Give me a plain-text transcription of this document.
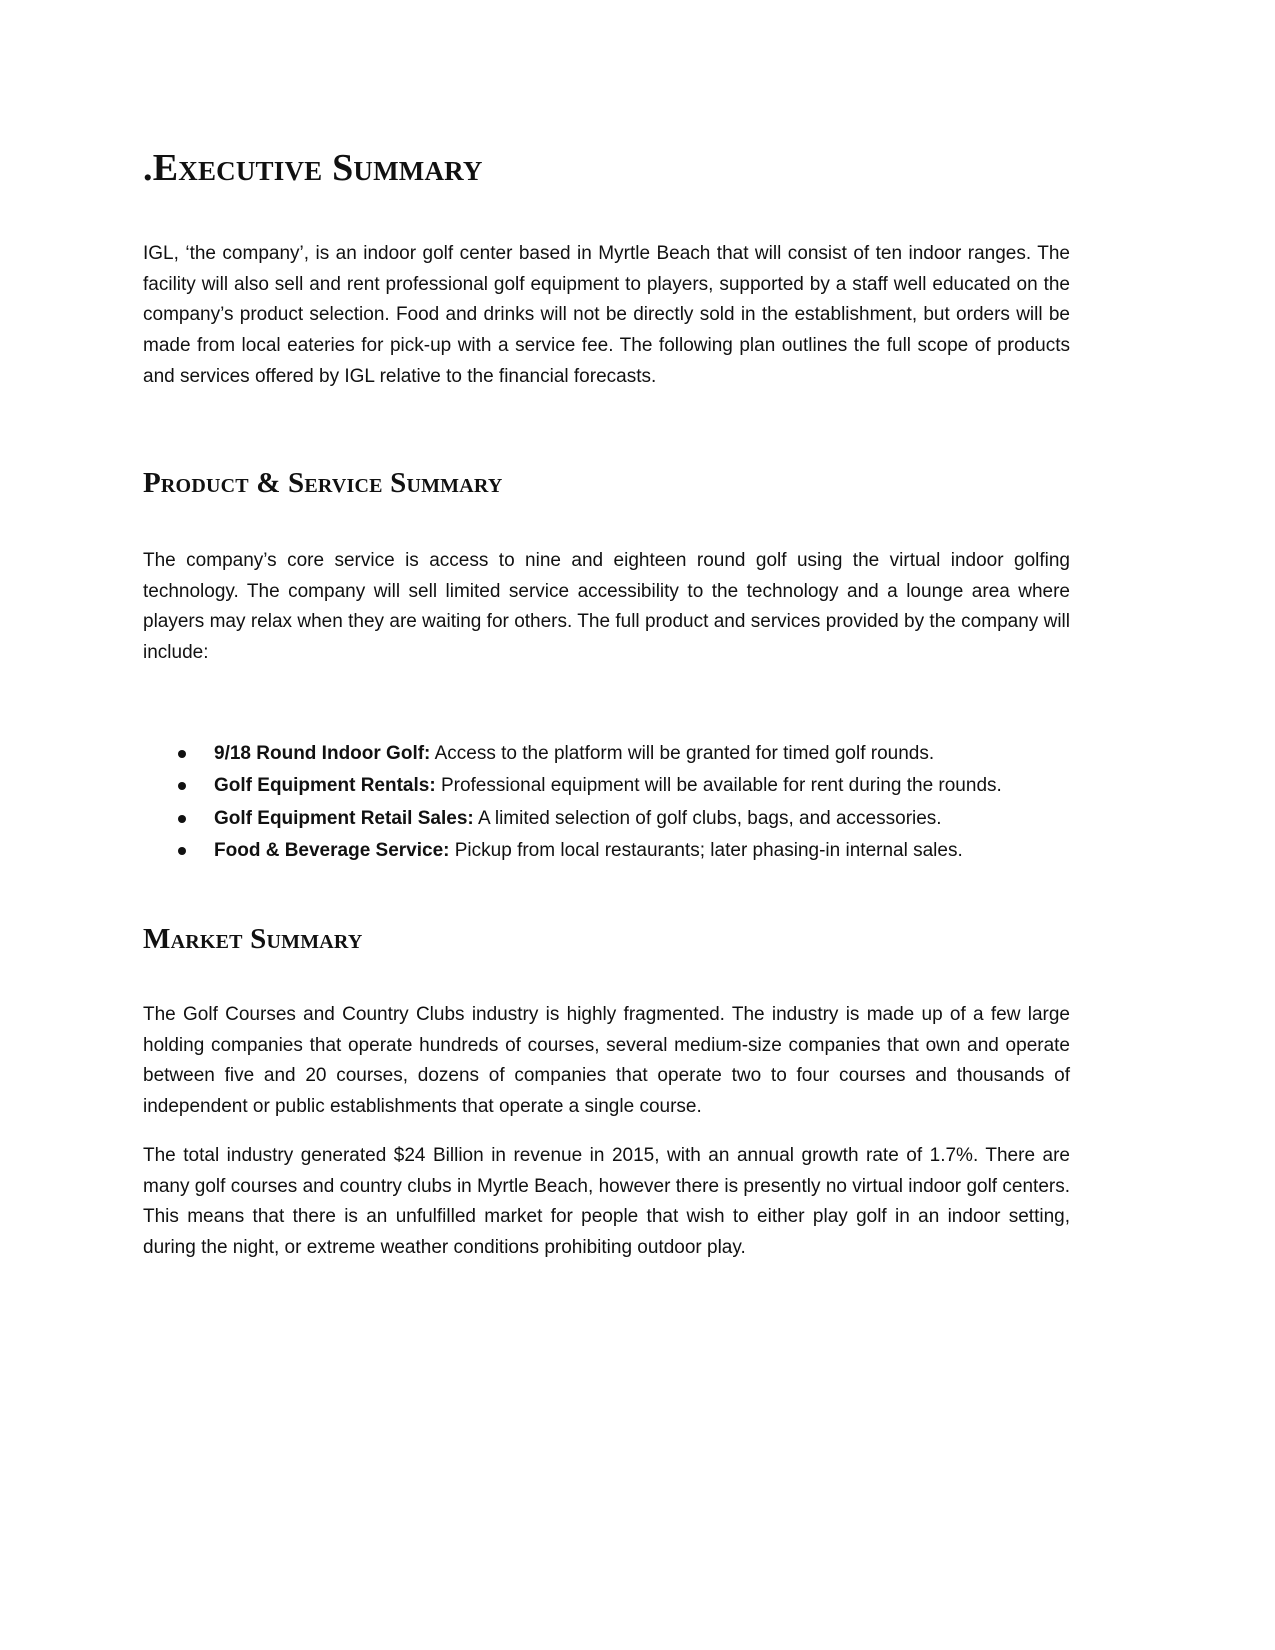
.Executive Summary

IGL, ‘the company’, is an indoor golf center based in Myrtle Beach that will consist of ten indoor ranges. The facility will also sell and rent professional golf equipment to players, supported by a staff well educated on the company’s product selection. Food and drinks will not be directly sold in the establishment, but orders will be made from local eateries for pick-up with a service fee. The following plan outlines the full scope of products and services offered by IGL relative to the financial forecasts.

Product & Service Summary

The company’s core service is access to nine and eighteen round golf using the virtual indoor golfing technology. The company will sell limited service accessibility to the technology and a lounge area where players may relax when they are waiting for others. The full product and services provided by the company will include:

9/18 Round Indoor Golf: Access to the platform will be granted for timed golf rounds.
Golf Equipment Rentals: Professional equipment will be available for rent during the rounds.
Golf Equipment Retail Sales: A limited selection of golf clubs, bags, and accessories.
Food & Beverage Service: Pickup from local restaurants; later phasing-in internal sales.
Market Summary

The Golf Courses and Country Clubs industry is highly fragmented. The industry is made up of a few large holding companies that operate hundreds of courses, several medium-size companies that own and operate between five and 20 courses, dozens of companies that operate two to four courses and thousands of independent or public establishments that operate a single course.

The total industry generated $24 Billion in revenue in 2015, with an annual growth rate of 1.7%. There are many golf courses and country clubs in Myrtle Beach, however there is presently no virtual indoor golf centers. This means that there is an unfulfilled market for people that wish to either play golf in an indoor setting, during the night, or extreme weather conditions prohibiting outdoor play.
